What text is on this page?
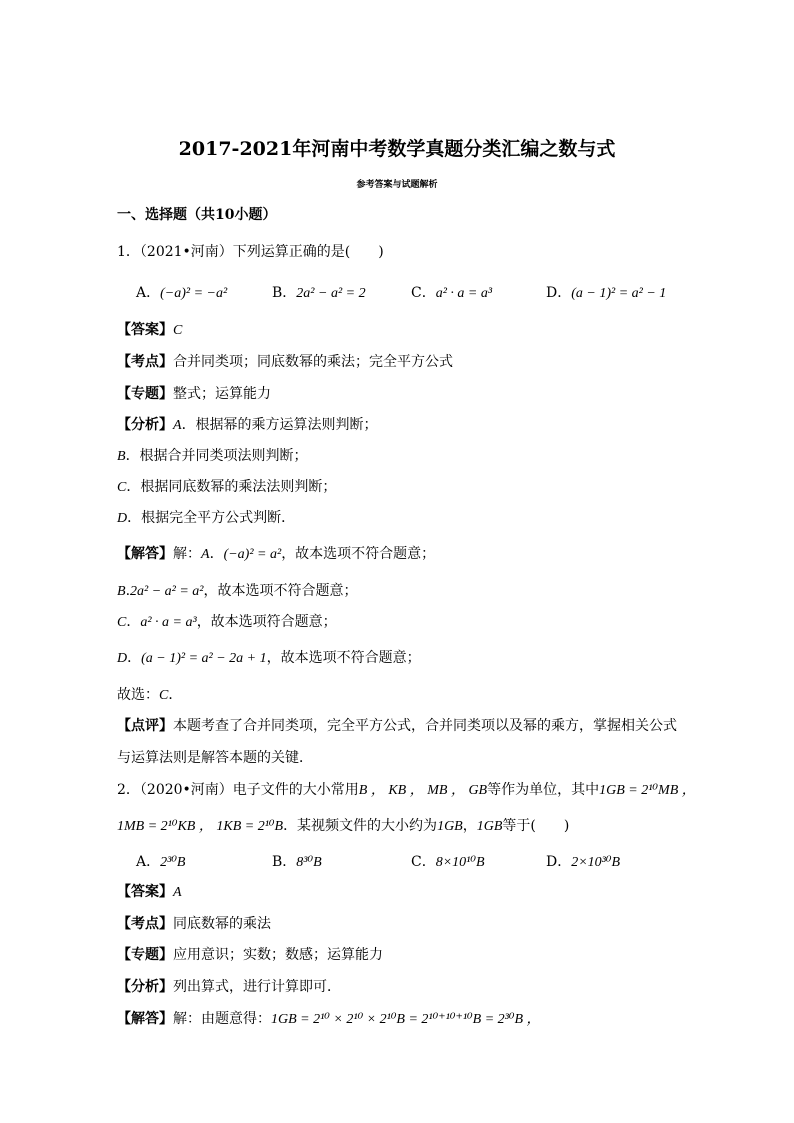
2017-2021年河南中考数学真题分类汇编之数与式
参考答案与试题解析
一、选择题（共10小题）
1．（2021•河南）下列运算正确的是(　　)
A．(−a)² = −a²	B．2a² − a² = 2	C．a² · a = a³	D．(a − 1)² = a² − 1
【答案】C
【考点】合并同类项；同底数幂的乘法；完全平方公式
【专题】整式；运算能力
【分析】A．根据幂的乘方运算法则判断；
B．根据合并同类项法则判断；
C．根据同底数幂的乘法法则判断；
D．根据完全平方公式判断．
【解答】解：A．(−a)² = a²，故本选项不符合题意；
B.2a² − a² = a²，故本选项不符合题意；
C．a² · a = a³，故本选项符合题意；
D．(a − 1)² = a² − 2a + 1，故本选项不符合题意；
故选：C．
【点评】本题考查了合并同类项，完全平方公式，合并同类项以及幂的乘方，掌握相关公式
与运算法则是解答本题的关键．
2．（2020•河南）电子文件的大小常用B ， KB ， MB ， GB等作为单位，其中1GB = 2¹⁰MB ，
1MB = 2¹⁰KB ， 1KB = 2¹⁰B．某视频文件的大小约为1GB，1GB等于(　　)
A．2³⁰B	B．8³⁰B	C．8×10¹⁰B	D．2×10³⁰B
【答案】A
【考点】同底数幂的乘法
【专题】应用意识；实数；数感；运算能力
【分析】列出算式，进行计算即可．
【解答】解：由题意得：1GB = 2¹⁰ × 2¹⁰ × 2¹⁰B = 2¹⁰⁺¹⁰⁺¹⁰B = 2³⁰B ，
